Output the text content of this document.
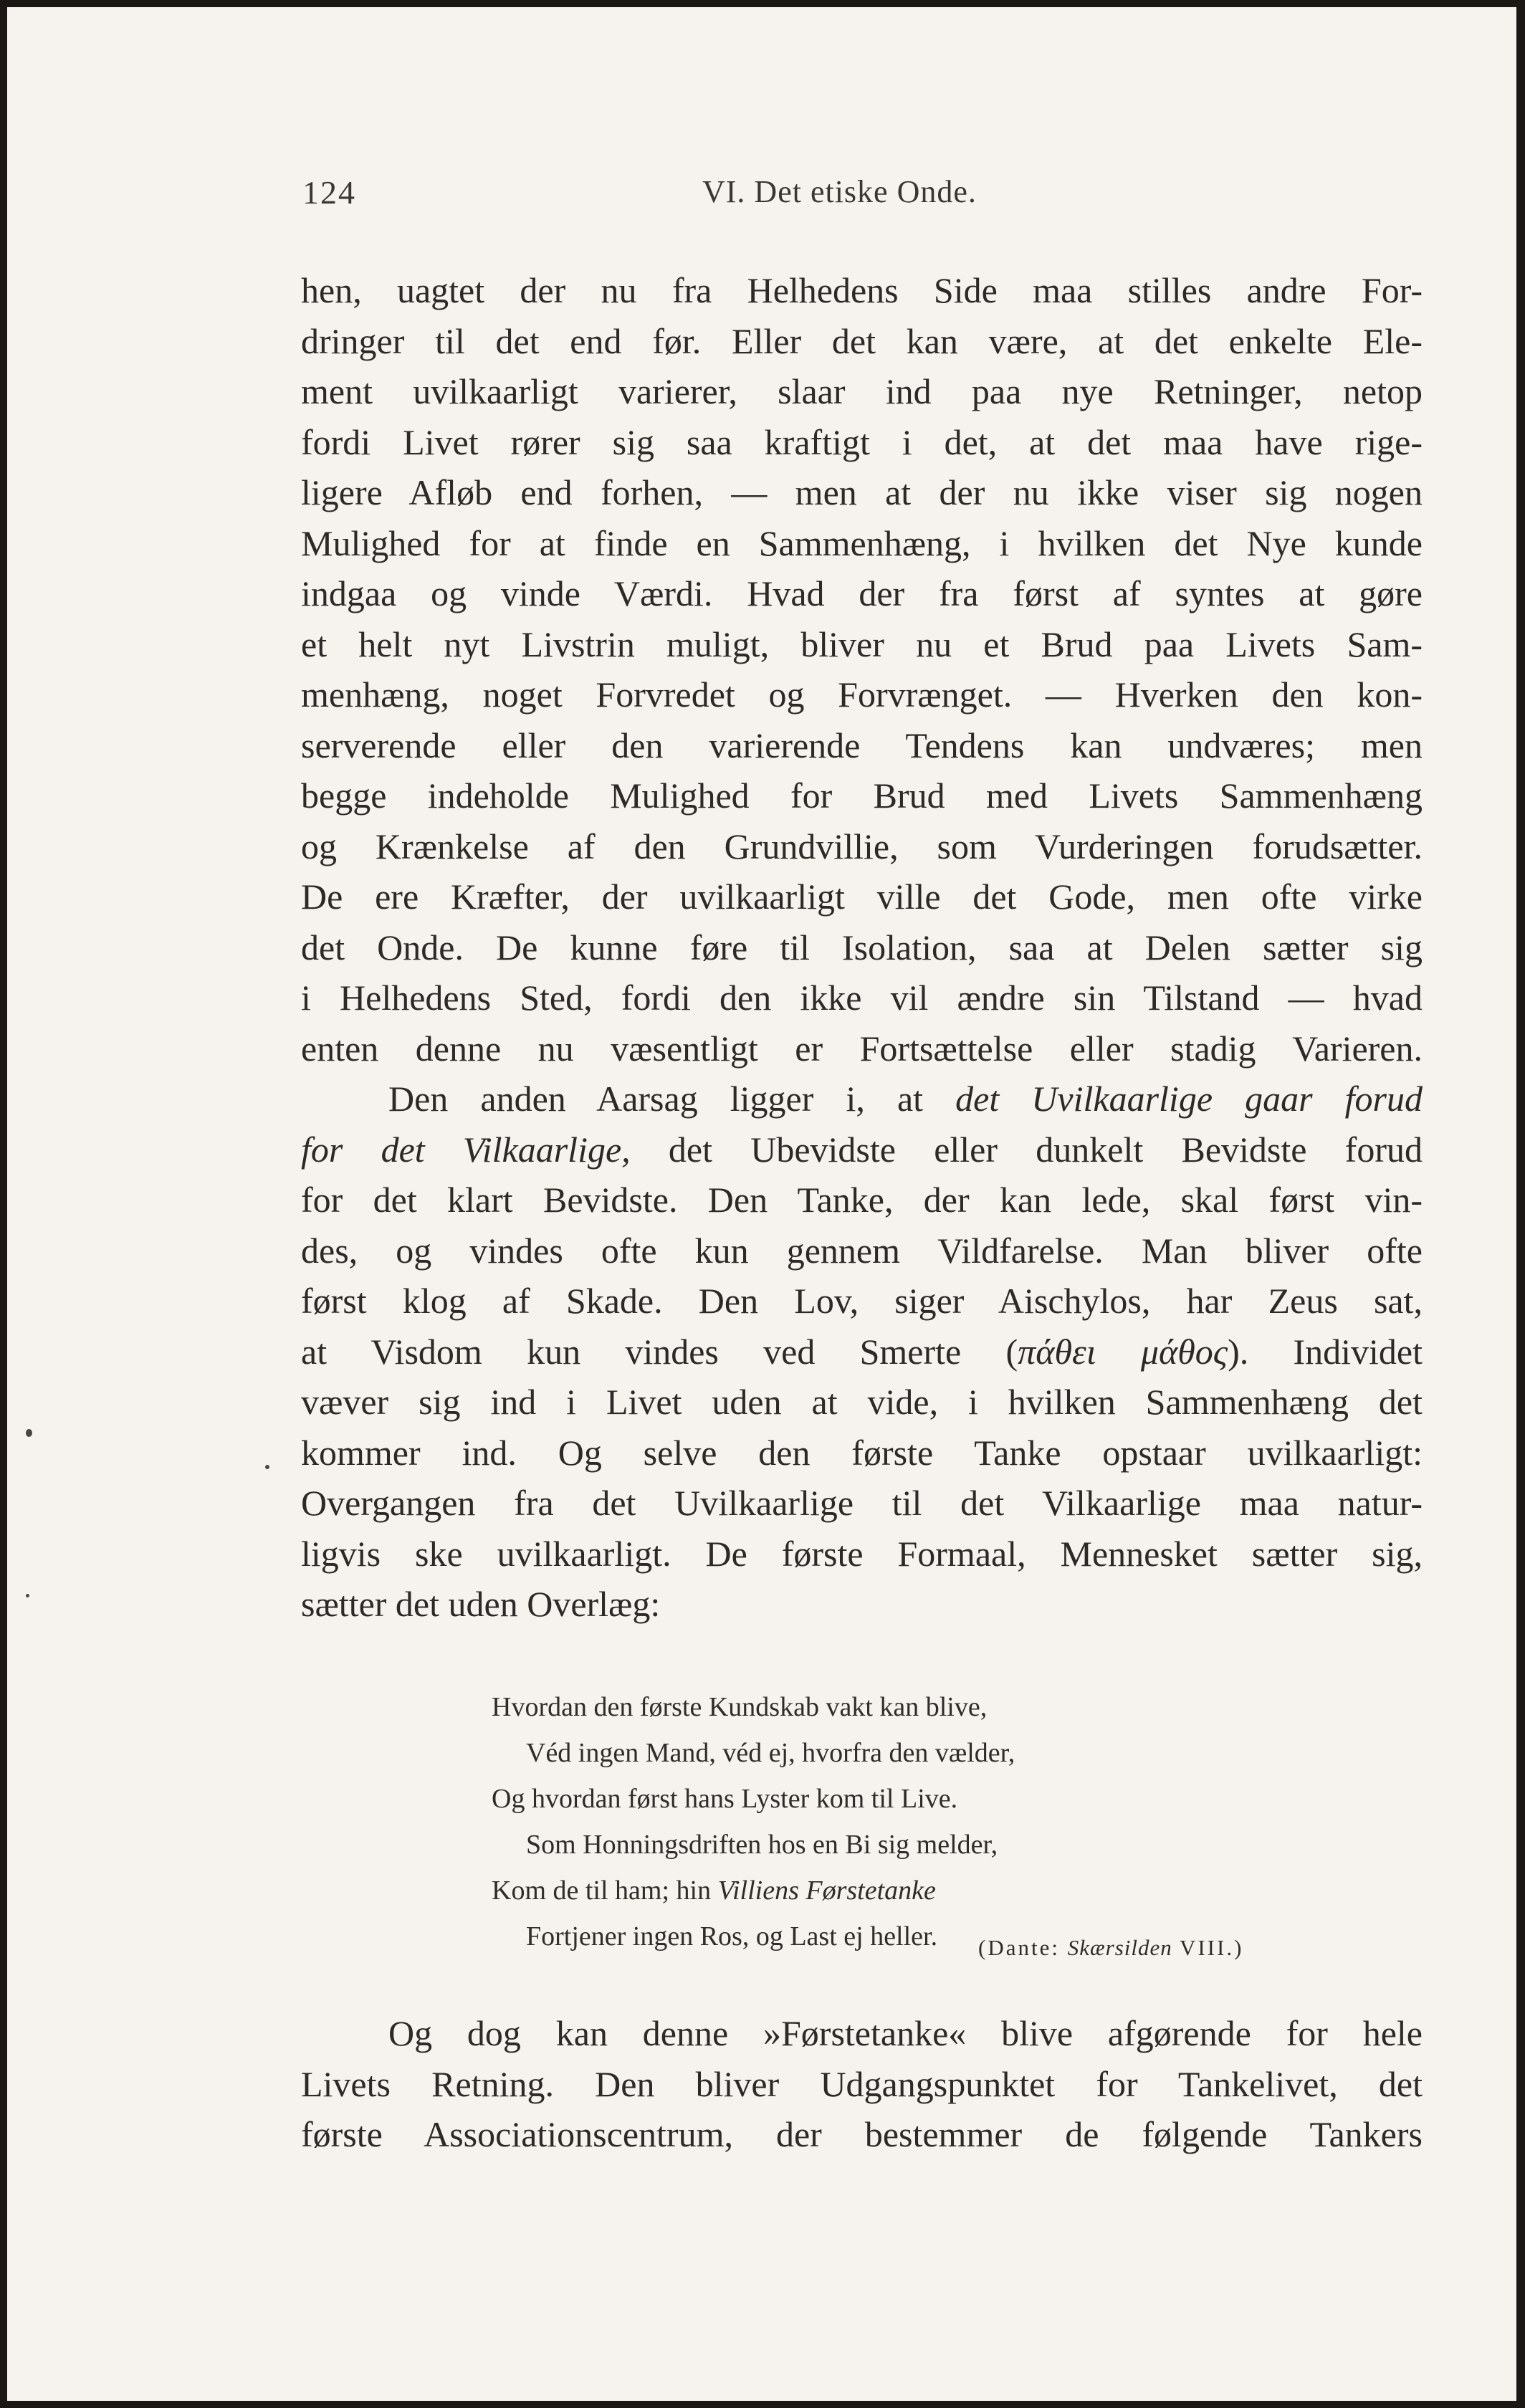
124	VI. Det etiske Onde.
hen, uagtet der nu fra Helhedens Side maa stilles andre For-
dringer til det end før. Eller det kan være, at det enkelte Ele-
ment uvilkaarligt varierer, slaar ind paa nye Retninger, netop
fordi Livet rører sig saa kraftigt i det, at det maa have rige-
ligere Afløb end forhen, — men at der nu ikke viser sig nogen
Mulighed for at finde en Sammenhæng, i hvilken det Nye kunde
indgaa og vinde Værdi. Hvad der fra først af syntes at gøre
et helt nyt Livstrin muligt, bliver nu et Brud paa Livets Sam-
menhæng, noget Forvredet og Forvrænget. — Hverken den kon-
serverende eller den varierende Tendens kan undværes; men
begge indeholde Mulighed for Brud med Livets Sammenhæng
og Krænkelse af den Grundvillie, som Vurderingen forudsætter.
De ere Kræfter, der uvilkaarligt ville det Gode, men ofte virke
det Onde. De kunne føre til Isolation, saa at Delen sætter sig
i Helhedens Sted, fordi den ikke vil ændre sin Tilstand — hvad
enten denne nu væsentligt er Fortsættelse eller stadig Varieren.
Den anden Aarsag ligger i, at det Uvilkaarlige gaar forud
for det Vilkaarlige, det Ubevidste eller dunkelt Bevidste forud
for det klart Bevidste. Den Tanke, der kan lede, skal først vin-
des, og vindes ofte kun gennem Vildfarelse. Man bliver ofte
først klog af Skade. Den Lov, siger Aischylos, har Zeus sat,
at Visdom kun vindes ved Smerte (πάθει μάθος). Individet
væver sig ind i Livet uden at vide, i hvilken Sammenhæng det
kommer ind. Og selve den første Tanke opstaar uvilkaarligt:
Overgangen fra det Uvilkaarlige til det Vilkaarlige maa natur-
ligvis ske uvilkaarligt. De første Formaal, Mennesket sætter sig,
sætter det uden Overlæg:
Hvordan den første Kundskab vakt kan blive,
Véd ingen Mand, véd ej, hvorfra den vælder,
Og hvordan først hans Lyster kom til Live.
Som Honningsdriften hos en Bi sig melder,
Kom de til ham; hin Villiens Førstetanke
Fortjener ingen Ros, og Last ej heller.	(Dante: Skærsilden VIII.)
Og dog kan denne »Førstetanke« blive afgørende for hele
Livets Retning. Den bliver Udgangspunktet for Tankelivet, det
første Associationscentrum, der bestemmer de følgende Tankers
